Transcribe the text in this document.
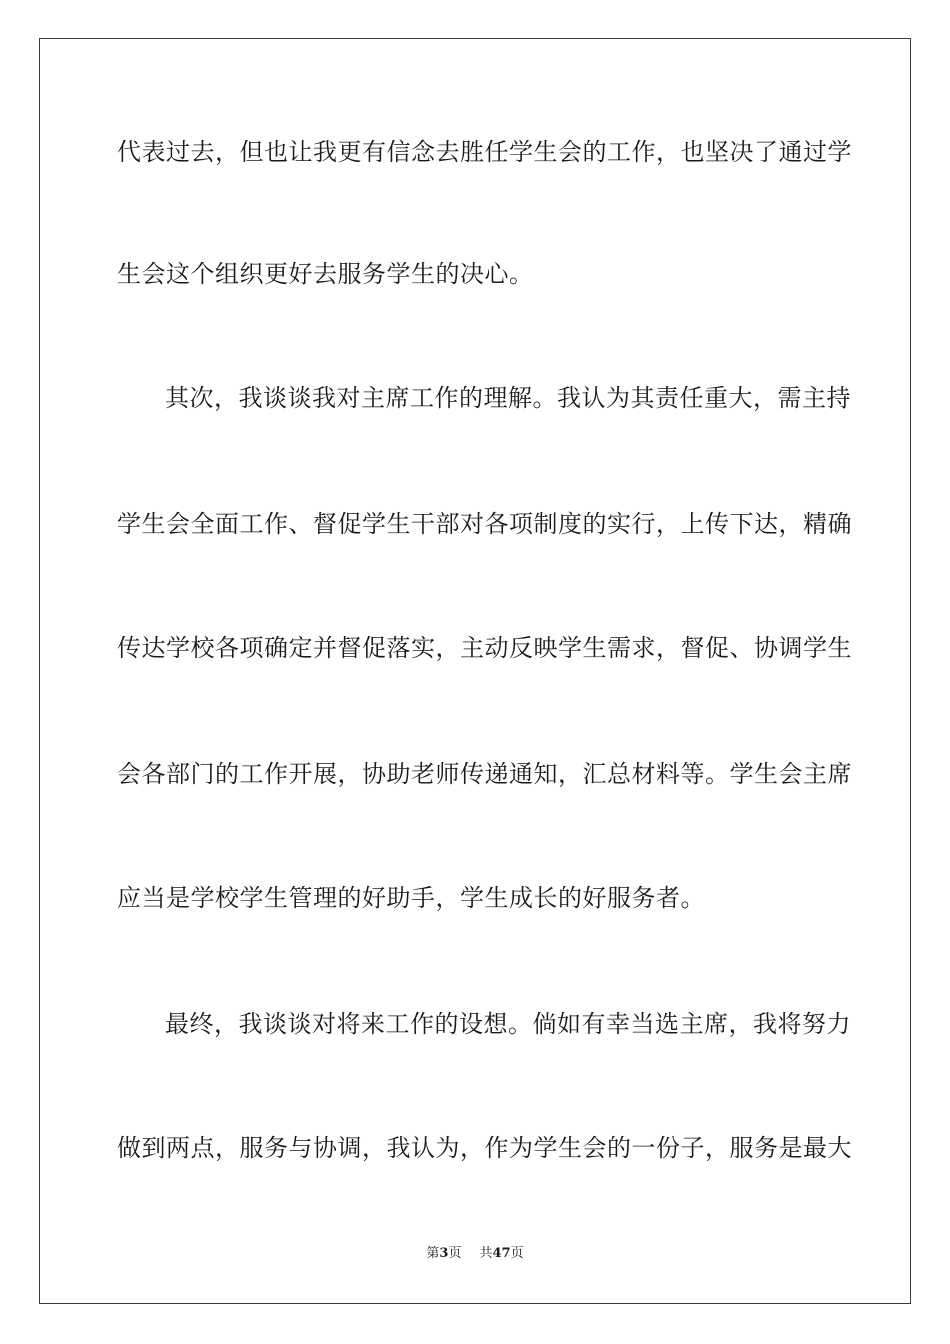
代表过去，但也让我更有信念去胜任学生会的工作，也坚决了通过学
生会这个组织更好去服务学生的决心。
其次，我谈谈我对主席工作的理解。我认为其责任重大，需主持
学生会全面工作、督促学生干部对各项制度的实行，上传下达，精确
传达学校各项确定并督促落实，主动反映学生需求，督促、协调学生
会各部门的工作开展，协助老师传递通知，汇总材料等。学生会主席
应当是学校学生管理的好助手，学生成长的好服务者。
最终，我谈谈对将来工作的设想。倘如有幸当选主席，我将努力
做到两点，服务与协调，我认为，作为学生会的一份子，服务是最大
第3页 共47页
